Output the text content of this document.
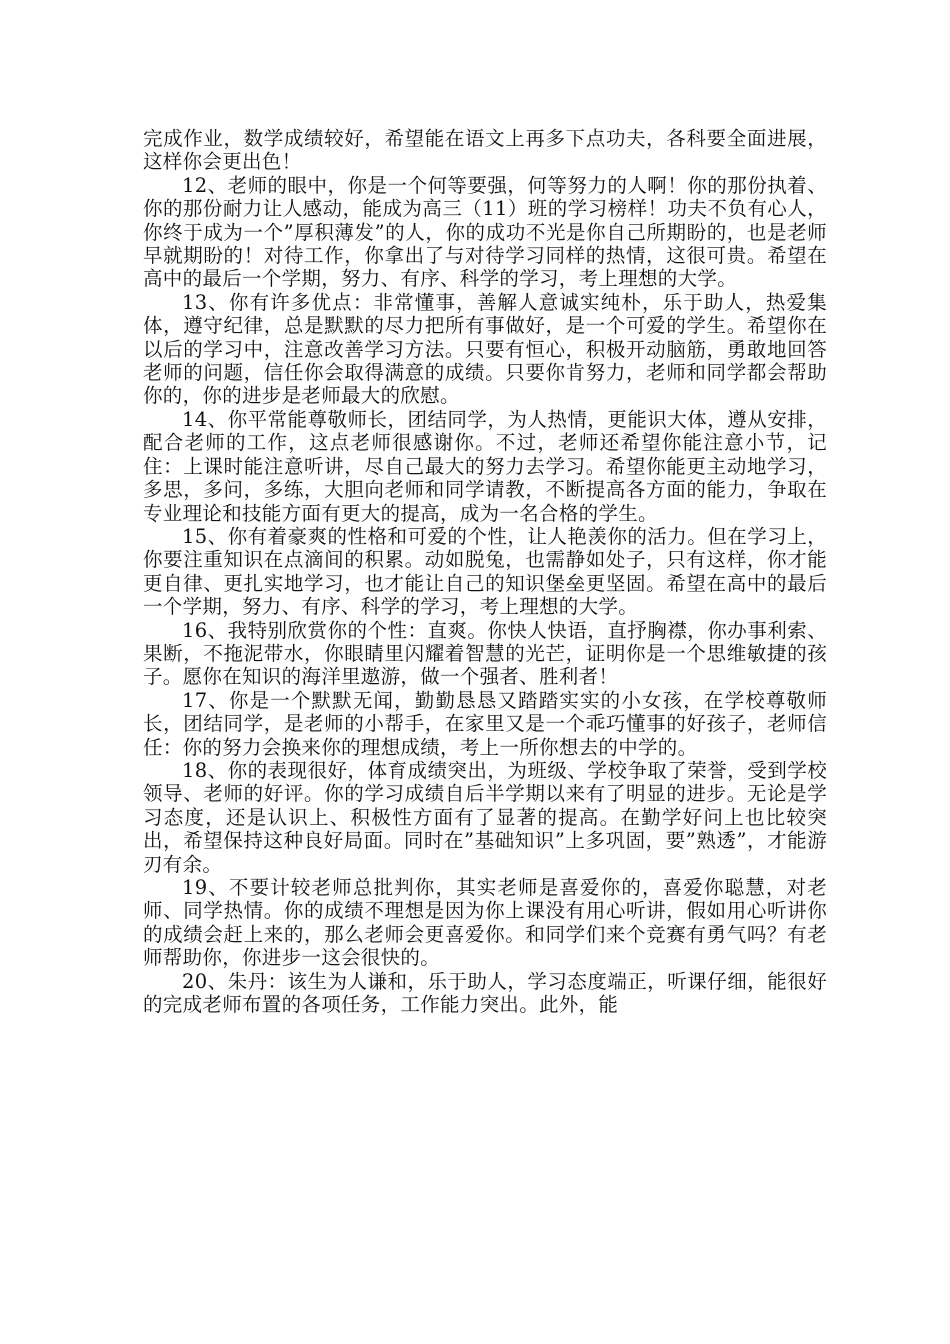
完成作业，数学成绩较好，希望能在语文上再多下点功夫，各科要全面进展，这样你会更出色！

12、老师的眼中，你是一个何等要强，何等努力的人啊！你的那份执着、你的那份耐力让人感动，能成为高三（11）班的学习榜样！功夫不负有心人，你终于成为一个”厚积薄发”的人，你的成功不光是你自己所期盼的，也是老师早就期盼的！对待工作，你拿出了与对待学习同样的热情，这很可贵。希望在高中的最后一个学期，努力、有序、科学的学习，考上理想的大学。

13、你有许多优点：非常懂事，善解人意诚实纯朴，乐于助人，热爱集体，遵守纪律，总是默默的尽力把所有事做好，是一个可爱的学生。希望你在以后的学习中，注意改善学习方法。只要有恒心，积极开动脑筋，勇敢地回答老师的问题，信任你会取得满意的成绩。只要你肯努力，老师和同学都会帮助你的，你的进步是老师最大的欣慰。

14、你平常能尊敬师长，团结同学，为人热情，更能识大体，遵从安排，配合老师的工作，这点老师很感谢你。不过，老师还希望你能注意小节，记住：上课时能注意听讲，尽自己最大的努力去学习。希望你能更主动地学习，多思，多问，多练，大胆向老师和同学请教，不断提高各方面的能力，争取在专业理论和技能方面有更大的提高，成为一名合格的学生。

15、你有着豪爽的性格和可爱的个性，让人艳羡你的活力。但在学习上，你要注重知识在点滴间的积累。动如脱兔，也需静如处子，只有这样，你才能更自律、更扎实地学习，也才能让自己的知识堡垒更坚固。希望在高中的最后一个学期，努力、有序、科学的学习，考上理想的大学。

16、我特别欣赏你的个性：直爽。你快人快语，直抒胸襟，你办事利索、果断，不拖泥带水，你眼睛里闪耀着智慧的光芒，证明你是一个思维敏捷的孩子。愿你在知识的海洋里遨游，做一个强者、胜利者！

17、你是一个默默无闻，勤勤恳恳又踏踏实实的小女孩，在学校尊敬师长，团结同学，是老师的小帮手，在家里又是一个乖巧懂事的好孩子，老师信任：你的努力会换来你的理想成绩，考上一所你想去的中学的。

18、你的表现很好，体育成绩突出，为班级、学校争取了荣誉，受到学校领导、老师的好评。你的学习成绩自后半学期以来有了明显的进步。无论是学习态度，还是认识上、积极性方面有了显著的提高。在勤学好问上也比较突出，希望保持这种良好局面。同时在”基础知识”上多巩固，要”熟透”，才能游刃有余。

19、不要计较老师总批判你，其实老师是喜爱你的，喜爱你聪慧，对老师、同学热情。你的成绩不理想是因为你上课没有用心听讲，假如用心听讲你的成绩会赶上来的，那么老师会更喜爱你。和同学们来个竞赛有勇气吗？有老师帮助你，你进步一这会很快的。

20、朱丹：该生为人谦和，乐于助人，学习态度端正，听课仔细，能很好的完成老师布置的各项任务，工作能力突出。此外，能
